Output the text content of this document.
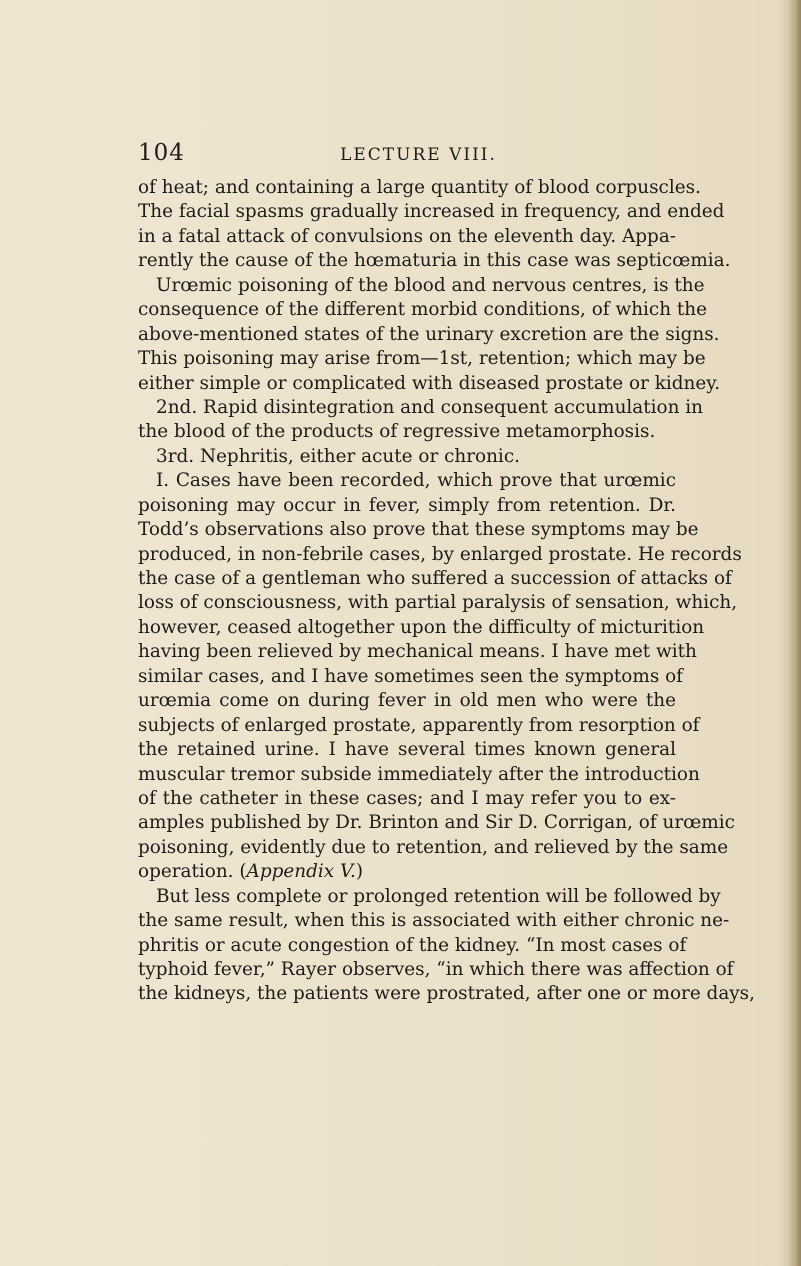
104	LECTURE VIII.
of heat; and containing a large quantity of blood corpuscles.
The facial spasms gradually increased in frequency, and ended
in a fatal attack of convulsions on the eleventh day. Appa-
rently the cause of the hœmaturia in this case was septicœmia.
Urœmic poisoning of the blood and nervous centres, is the
consequence of the different morbid conditions, of which the
above-mentioned states of the urinary excretion are the signs.
This poisoning may arise from—1st, retention; which may be
either simple or complicated with diseased prostate or kidney.
2nd. Rapid disintegration and consequent accumulation in
the blood of the products of regressive metamorphosis.
3rd. Nephritis, either acute or chronic.
I. Cases have been recorded, which prove that urœmic
poisoning may occur in fever, simply from retention. Dr.
Todd’s observations also prove that these symptoms may be
produced, in non-febrile cases, by enlarged prostate. He records
the case of a gentleman who suffered a succession of attacks of
loss of consciousness, with partial paralysis of sensation, which,
however, ceased altogether upon the difficulty of micturition
having been relieved by mechanical means. I have met with
similar cases, and I have sometimes seen the symptoms of
urœmia come on during fever in old men who were the
subjects of enlarged prostate, apparently from resorption of
the retained urine. I have several times known general
muscular tremor subside immediately after the introduction
of the catheter in these cases; and I may refer you to ex-
amples published by Dr. Brinton and Sir D. Corrigan, of urœmic
poisoning, evidently due to retention, and relieved by the same
operation. (Appendix V.)
But less complete or prolonged retention will be followed by
the same result, when this is associated with either chronic ne-
phritis or acute congestion of the kidney. “In most cases of
typhoid fever,” Rayer observes, “in which there was affection of
the kidneys, the patients were prostrated, after one or more days,
